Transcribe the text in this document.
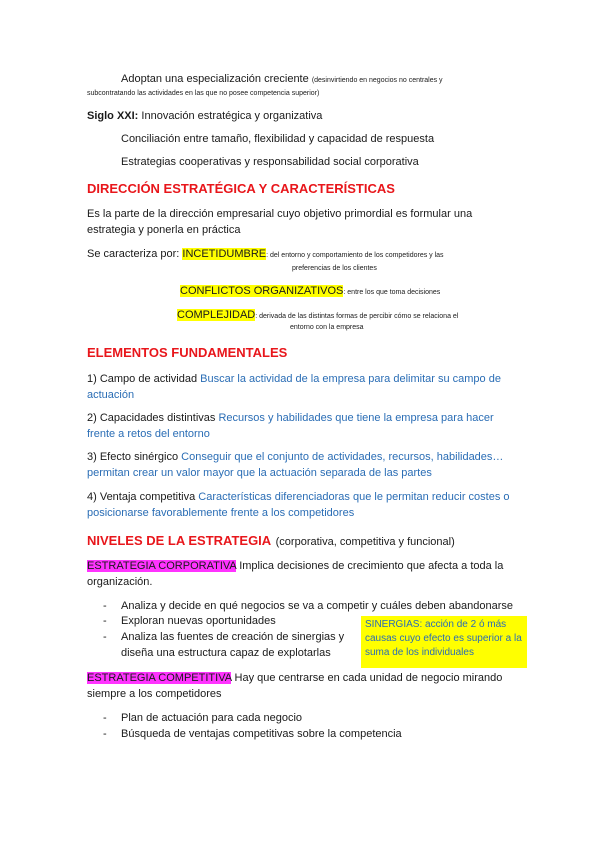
Adoptan una especialización creciente (desinvirtiendo en negocios no centrales y
subcontratando las actividades en las que no posee competencia superior)
Siglo XXI: Innovación estratégica y organizativa
Conciliación entre tamaño, flexibilidad y capacidad de respuesta
Estrategias cooperativas y responsabilidad social corporativa
DIRECCIÓN ESTRATÉGICA Y CARACTERÍSTICAS
Es la parte de la dirección empresarial cuyo objetivo primordial es formular una
estrategia y ponerla en práctica
Se caracteriza por: INCETIDUMBRE: del entorno y comportamiento de los competidores y las
preferencias de los clientes
CONFLICTOS ORGANIZATIVOS: entre los que toma decisiones
COMPLEJIDAD: derivada de las distintas formas de percibir cómo se relaciona el
entorno con la empresa
ELEMENTOS FUNDAMENTALES
1) Campo de actividad Buscar la actividad de la empresa para delimitar su campo de
actuación
2) Capacidades distintivas Recursos y habilidades que tiene la empresa para hacer
frente a retos del entorno
3) Efecto sinérgico Conseguir que el conjunto de actividades, recursos, habilidades…
permitan crear un valor mayor que la actuación separada de las partes
4) Ventaja competitiva Características diferenciadoras que le permitan reducir costes o
posicionarse favorablemente frente a los competidores
NIVELES DE LA ESTRATEGIA (corporativa, competitiva y funcional)
ESTRATEGIA CORPORATIVA Implica decisiones de crecimiento que afecta a toda la
organización.
- Analiza y decide en qué negocios se va a competir y cuáles deben abandonarse
- Exploran nuevas oportunidades
- Analiza las fuentes de creación de sinergias y
diseña una estructura capaz de explotarlas
SINERGIAS: acción de 2 ó más causas cuyo efecto es superior a la suma de los individuales
ESTRATEGIA COMPETITIVA Hay que centrarse en cada unidad de negocio mirando
siempre a los competidores
- Plan de actuación para cada negocio
- Búsqueda de ventajas competitivas sobre la competencia
